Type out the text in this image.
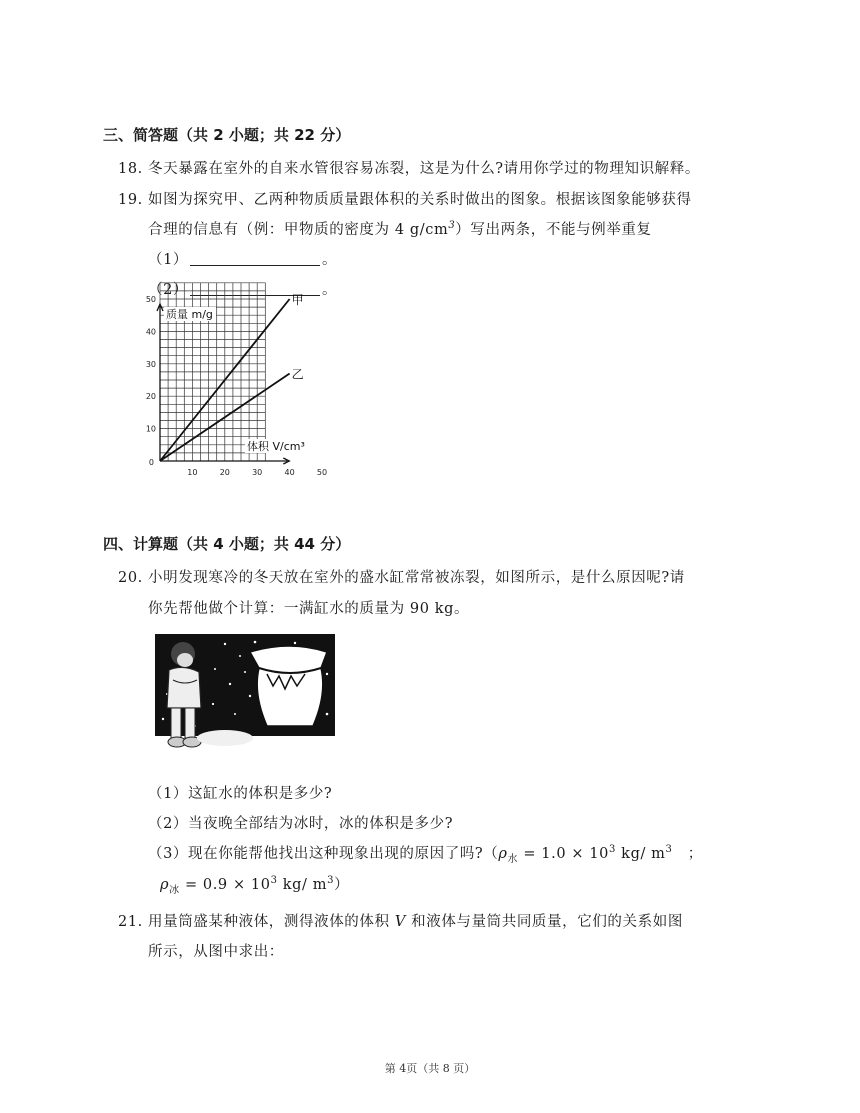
三、简答题（共 2 小题；共 22 分）
18. 冬天暴露在室外的自来水管很容易冻裂，这是为什么?请用你学过的物理知识解释。
19. 如图为探究甲、乙两种物质质量跟体积的关系时做出的图象。根据该图象能够获得
合理的信息有（例：甲物质的密度为 4 $g/cm^3$）写出两条，不能与例举重复
（1）	。
（2）	。
甲
乙
10
20
30
40
50
10	20	30	40	50
0
质量 m/g
体积 V/cm³
四、计算题（共 4 小题；共 44 分）
20. 小明发现寒冷的冬天放在室外的盛水缸常常被冻裂，如图所示，是什么原因呢?请
你先帮他做个计算：一满缸水的质量为 90 kg。
（1）这缸水的体积是多少?
（2）当夜晚全部结为冰时，冰的体积是多少?
（3）现在你能帮他找出这种现象出现的原因了吗$?(\rho_水 = 1.0 \times 10^3$ kg/ $m^3$ ；
$\rho_冰 = 0.9 \times 10^3$ kg/ $m^3$）
21. 用量筒盛某种液体，测得液体的体积 V 和液体与量筒共同质量，它们的关系如图
所示，从图中求出：
第 4页（共 8 页）
